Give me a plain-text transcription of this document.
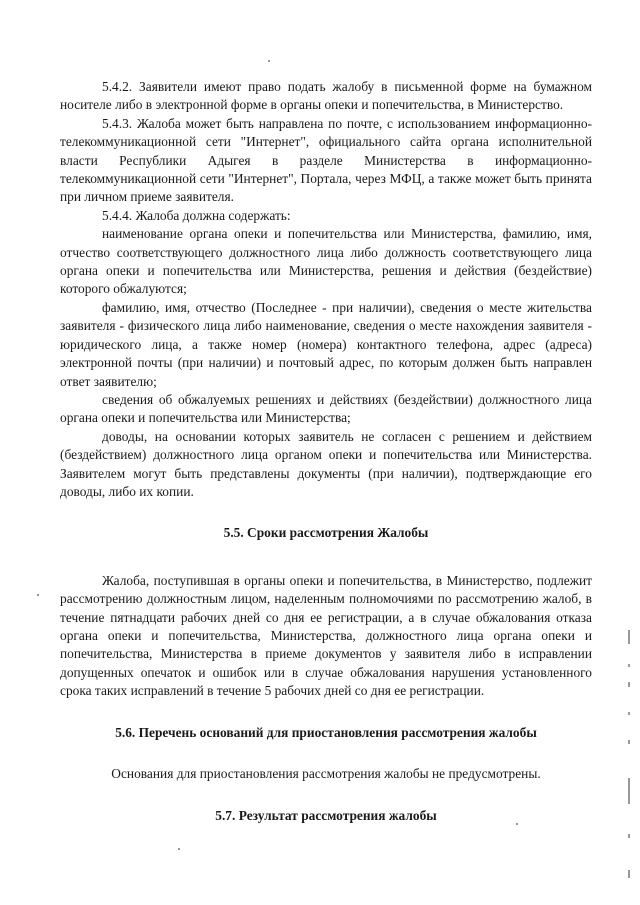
5.4.2. Заявители имеют право подать жалобу в письменной форме на бумажном носителе либо в электронной форме в органы опеки и попечительства, в Министерство.

5.4.3. Жалоба может быть направлена по почте, с использованием информационно-телекоммуникационной сети "Интернет", официального сайта органа исполнительной власти Республики Адыгея в разделе Министерства в информационно-телекоммуникационной сети "Интернет", Портала, через МФЦ, а также может быть принята при личном приеме заявителя.

5.4.4. Жалоба должна содержать:

наименование органа опеки и попечительства или Министерства, фамилию, имя, отчество соответствующего должностного лица либо должность соответствующего лица органа опеки и попечительства или Министерства, решения и действия (бездействие) которого обжалуются;

фамилию, имя, отчество (Последнее - при наличии), сведения о месте жительства заявителя - физического лица либо наименование, сведения о месте нахождения заявителя - юридического лица, а также номер (номера) контактного телефона, адрес (адреса) электронной почты (при наличии) и почтовый адрес, по которым должен быть направлен ответ заявителю;

сведения об обжалуемых решениях и действиях (бездействии) должностного лица органа опеки и попечительства или Министерства;

доводы, на основании которых заявитель не согласен с решением и действием (бездействием) должностного лица органом опеки и попечительства или Министерства. Заявителем могут быть представлены документы (при наличии), подтверждающие его доводы, либо их копии.

5.5. Сроки рассмотрения Жалобы

Жалоба, поступившая в органы опеки и попечительства, в Министерство, подлежит рассмотрению должностным лицом, наделенным полномочиями по рассмотрению жалоб, в течение пятнадцати рабочих дней со дня ее регистрации, а в случае обжалования отказа органа опеки и попечительства, Министерства, должностного лица органа опеки и попечительства, Министерства в приеме документов у заявителя либо в исправлении допущенных опечаток и ошибок или в случае обжалования нарушения установленного срока таких исправлений в течение 5 рабочих дней со дня ее регистрации.

5.6. Перечень оснований для приостановления рассмотрения жалобы

Основания для приостановления рассмотрения жалобы не предусмотрены.

5.7. Результат рассмотрения жалобы
